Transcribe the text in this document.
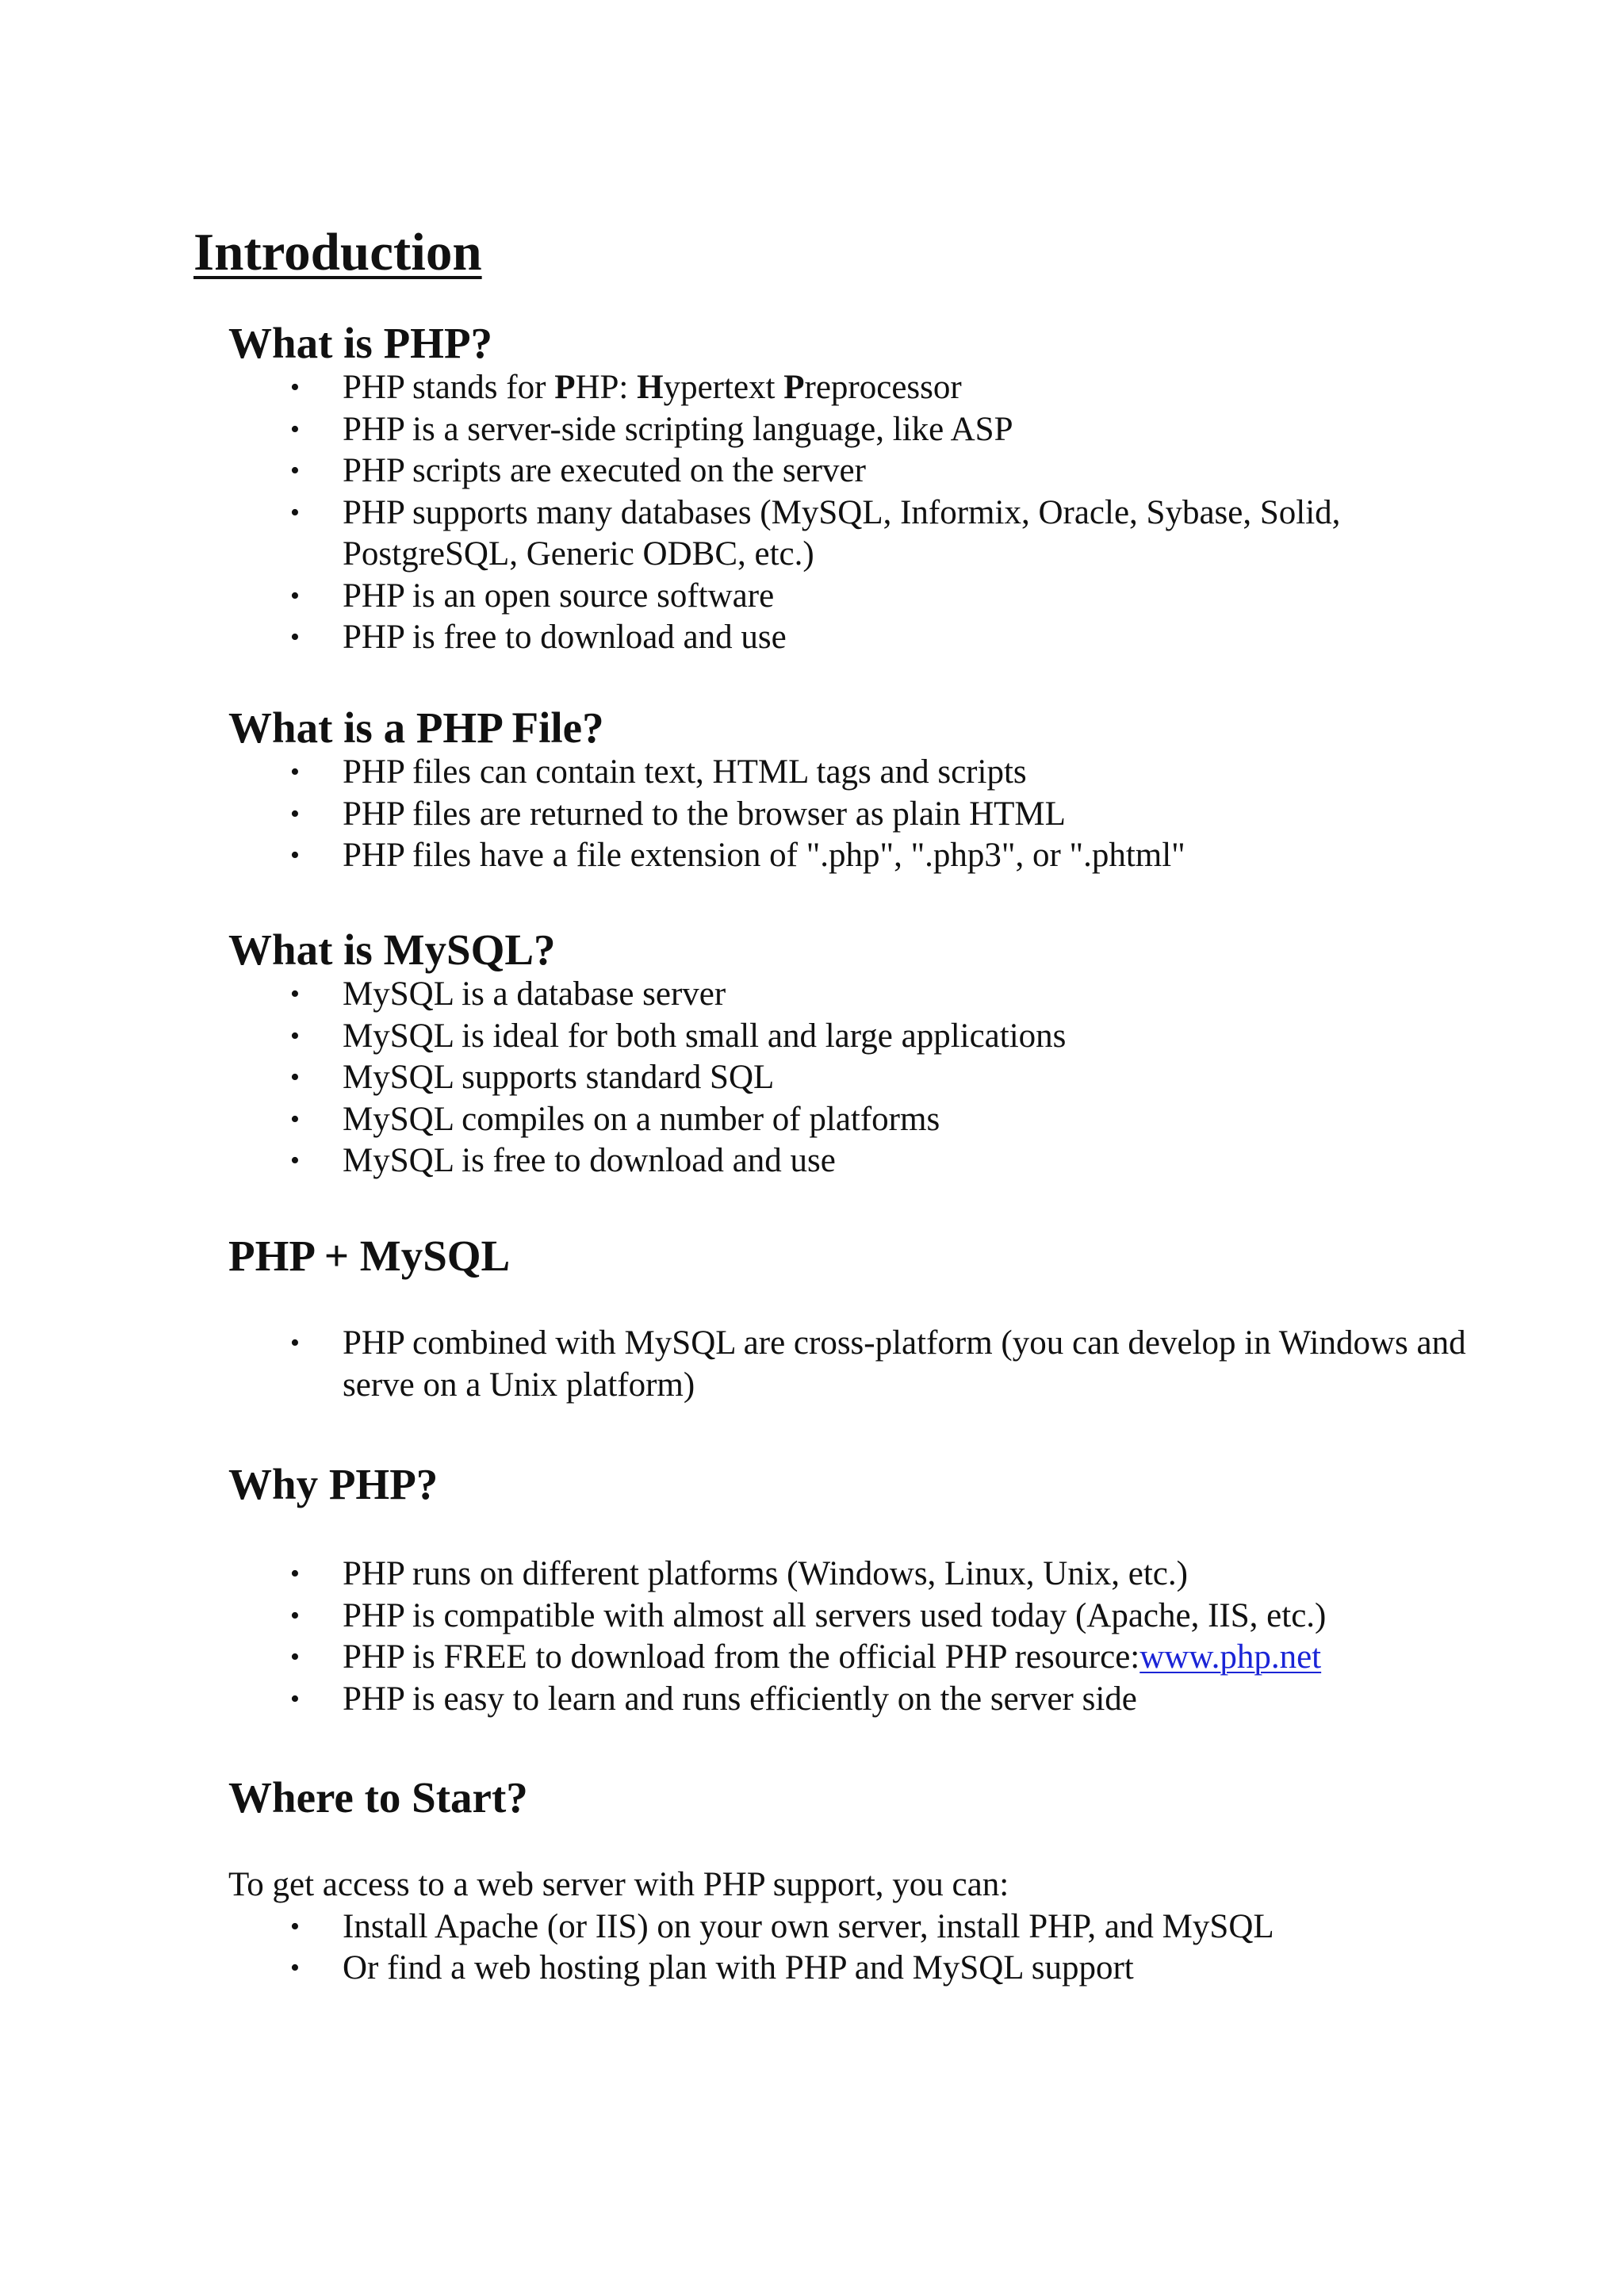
Introduction
What is PHP?
• PHP stands for PHP: Hypertext Preprocessor
• PHP is a server-side scripting language, like ASP
• PHP scripts are executed on the server
• PHP supports many databases (MySQL, Informix, Oracle, Sybase, Solid, PostgreSQL, Generic ODBC, etc.)
• PHP is an open source software
• PHP is free to download and use
What is a PHP File?
• PHP files can contain text, HTML tags and scripts
• PHP files are returned to the browser as plain HTML
• PHP files have a file extension of ".php", ".php3", or ".phtml"
What is MySQL?
• MySQL is a database server
• MySQL is ideal for both small and large applications
• MySQL supports standard SQL
• MySQL compiles on a number of platforms
• MySQL is free to download and use
PHP + MySQL
• PHP combined with MySQL are cross-platform (you can develop in Windows and serve on a Unix platform)
Why PHP?
• PHP runs on different platforms (Windows, Linux, Unix, etc.)
• PHP is compatible with almost all servers used today (Apache, IIS, etc.)
• PHP is FREE to download from the official PHP resource:www.php.net
• PHP is easy to learn and runs efficiently on the server side
Where to Start?

To get access to a web server with PHP support, you can:

• Install Apache (or IIS) on your own server, install PHP, and MySQL
• Or find a web hosting plan with PHP and MySQL support
